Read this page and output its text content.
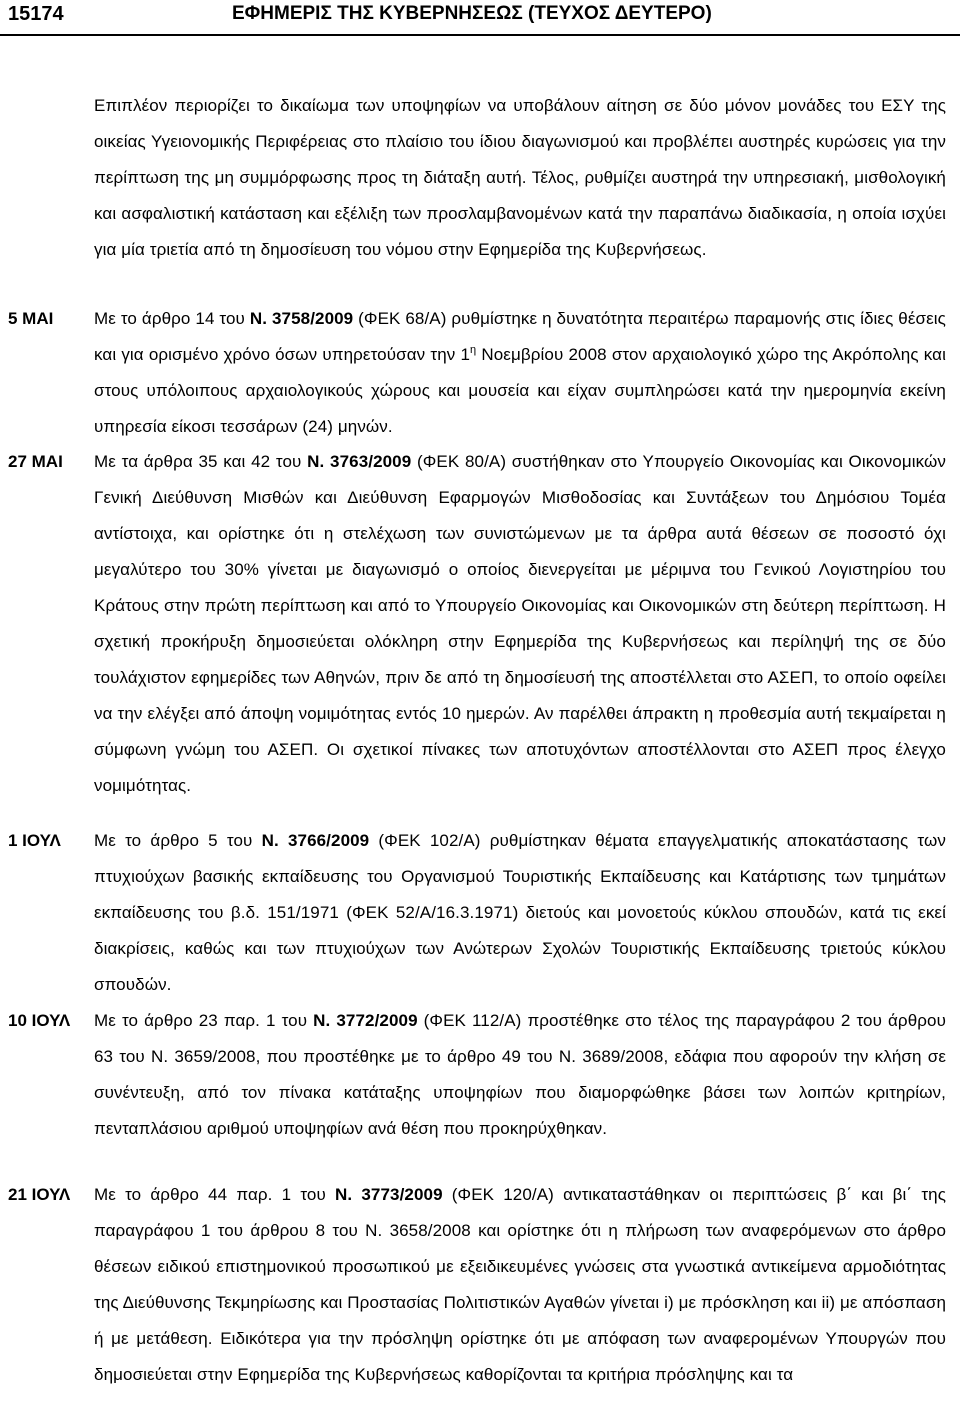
15174	ΕΦΗΜΕΡΙΣ ΤΗΣ ΚΥΒΕΡΝΗΣΕΩΣ (ΤΕΥΧΟΣ ΔΕΥΤΕΡΟ)
Επιπλέον περιορίζει το δικαίωμα των υποψηφίων να υποβάλουν αίτηση σε δύο μόνον μονάδες του ΕΣΥ της οικείας Υγειονομικής Περιφέρειας στο πλαίσιο του ίδιου διαγωνισμού και προβλέπει αυστηρές κυρώσεις για την περίπτωση της μη συμμόρφωσης προς τη διάταξη αυτή. Τέλος, ρυθμίζει αυστηρά την υπηρεσιακή, μισθολογική και ασφαλιστική κατάσταση και εξέλιξη των προσλαμβανομένων κατά την παραπάνω διαδικασία, η οποία ισχύει για μία τριετία από τη δημοσίευση του νόμου στην Εφημερίδα της Κυβερνήσεως.
5 ΜΑΙ Με το άρθρο 14 του Ν. 3758/2009 (ΦΕΚ 68/Α) ρυθμίστηκε η δυνατότητα περαιτέρω παραμονής στις ίδιες θέσεις και για ορισμένο χρόνο όσων υπηρετούσαν την $1^\eta$ Νοεμβρίου 2008 στον αρχαιολογικό χώρο της Ακρόπολης και στους υπόλοιπους αρχαιολογικούς χώρους και μουσεία και είχαν συμπληρώσει κατά την ημερομηνία εκείνη υπηρεσία είκοσι τεσσάρων (24) μηνών.
27 ΜΑΙ Με τα άρθρα 35 και 42 του Ν. 3763/2009 (ΦΕΚ 80/Α) συστήθηκαν στο Υπουργείο Οικονομίας και Οικονομικών Γενική Διεύθυνση Μισθών και Διεύθυνση Εφαρμογών Μισθοδοσίας και Συντάξεων του Δημόσιου Τομέα αντίστοιχα, και ορίστηκε ότι η στελέχωση των συνιστώμενων με τα άρθρα αυτά θέσεων σε ποσοστό όχι μεγαλύτερο του 30% γίνεται με διαγωνισμό ο οποίος διενεργείται με μέριμνα του Γενικού Λογιστηρίου του Κράτους στην πρώτη περίπτωση και από το Υπουργείο Οικονομίας και Οικονομικών στη δεύτερη περίπτωση. Η σχετική προκήρυξη δημοσιεύεται ολόκληρη στην Εφημερίδα της Κυβερνήσεως και περίληψή της σε δύο τουλάχιστον εφημερίδες των Αθηνών, πριν δε από τη δημοσίευσή της αποστέλλεται στο ΑΣΕΠ, το οποίο οφείλει να την ελέγξει από άποψη νομιμότητας εντός 10 ημερών. Αν παρέλθει άπρακτη η προθεσμία αυτή τεκμαίρεται η σύμφωνη γνώμη του ΑΣΕΠ. Οι σχετικοί πίνακες των αποτυχόντων αποστέλλονται στο ΑΣΕΠ προς έλεγχο νομιμότητας.
1 ΙΟΥΛ Με το άρθρο 5 του Ν. 3766/2009 (ΦΕΚ 102/Α) ρυθμίστηκαν θέματα επαγγελματικής αποκατάστασης των πτυχιούχων βασικής εκπαίδευσης του Οργανισμού Τουριστικής Εκπαίδευσης και Κατάρτισης των τμημάτων εκπαίδευσης του β.δ. 151/1971 (ΦΕΚ 52/Α/16.3.1971) διετούς και μονοετούς κύκλου σπουδών, κατά τις εκεί διακρίσεις, καθώς και των πτυχιούχων των Ανώτερων Σχολών Τουριστικής Εκπαίδευσης τριετούς κύκλου σπουδών.
10 ΙΟΥΛ Με το άρθρο 23 παρ. 1 του Ν. 3772/2009 (ΦΕΚ 112/Α) προστέθηκε στο τέλος της παραγράφου 2 του άρθρου 63 του Ν. 3659/2008, που προστέθηκε με το άρθρο 49 του Ν. 3689/2008, εδάφια που αφορούν την κλήση σε συνέντευξη, από τον πίνακα κατάταξης υποψηφίων που διαμορφώθηκε βάσει των λοιπών κριτηρίων, πενταπλάσιου αριθμού υποψηφίων ανά θέση που προκηρύχθηκαν.
21 ΙΟΥΛ Με το άρθρο 44 παρ. 1 του Ν. 3773/2009 (ΦΕΚ 120/Α) αντικαταστάθηκαν οι περιπτώσεις β΄ και βι΄ της παραγράφου 1 του άρθρου 8 του Ν. 3658/2008 και ορίστηκε ότι η πλήρωση των αναφερόμενων στο άρθρο θέσεων ειδικού επιστημονικού προσωπικού με εξειδικευμένες γνώσεις στα γνωστικά αντικείμενα αρμοδιότητας της Διεύθυνσης Τεκμηρίωσης και Προστασίας Πολιτιστικών Αγαθών γίνεται i) με πρόσκληση και ii) με απόσπαση ή με μετάθεση. Ειδικότερα για την πρόσληψη ορίστηκε ότι με απόφαση των αναφερομένων Υπουργών που δημοσιεύεται στην Εφημερίδα της Κυβερνήσεως καθορίζονται τα κριτήρια πρόσληψης και τα
